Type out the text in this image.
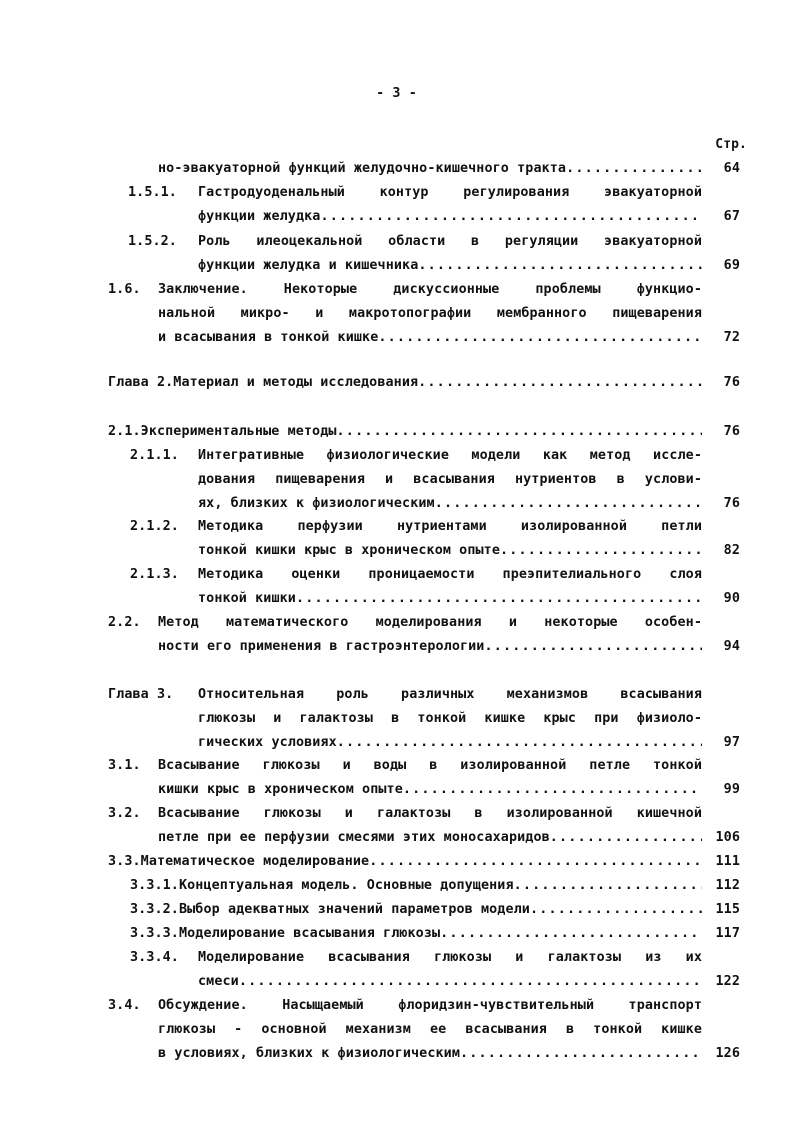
- 3 -
Стр.
но-эвакуаторной функций желудочно-кишечного тракта .....	64
1.5.1.	Гастродуоденальный контур регулирования эвакуаторной
функции желудка .....	67
1.5.2.	Роль илеоцекальной области в регуляции эвакуаторной
функции желудка и кишечника .....	69
1.6.	Заключение. Некоторые дискуссионные проблемы функцио-
нальной микро- и макротопографии мембранного пищеварения
и всасывания в тонкой кишке .....	72
Глава 2. Материал и методы исследования .....	76
2.1. Экспериментальные методы .....	76
2.1.1.	Интегративные физиологические модели как метод иссле-
дования пищеварения и всасывания нутриентов в услови-
ях, близких к физиологическим .....	76
2.1.2.	Методика перфузии нутриентами изолированной петли
тонкой кишки крыс в хроническом опыте .....	82
2.1.3.	Методика оценки проницаемости преэпителиального слоя
тонкой кишки .....	90
2.2.	Метод математического моделирования и некоторые особен-
ности его применения в гастроэнтерологии .....	94
Глава 3.	Относительная роль различных механизмов всасывания
глюкозы и галактозы в тонкой кишке крыс при физиоло-
гических условиях .....	97
3.1.	Всасывание глюкозы и воды в изолированной петле тонкой
кишки крыс в хроническом опыте .....	99
3.2.	Всасывание глюкозы и галактозы в изолированной кишечной
петле при ее перфузии смесями этих моносахаридов .....	106
3.3. Математическое моделирование .....	111
3.3.1. Концептуальная модель. Основные допущения .....	112
3.3.2. Выбор адекватных значений параметров модели .....	115
3.3.3. Моделирование всасывания глюкозы .....	117
3.3.4.	Моделирование всасывания глюкозы и галактозы из их
смеси .....	122
3.4.	Обсуждение. Насыщаемый флоридзин-чувствительный транспорт
глюкозы - основной механизм ее всасывания в тонкой кишке
в условиях, близких к физиологическим .....	126
